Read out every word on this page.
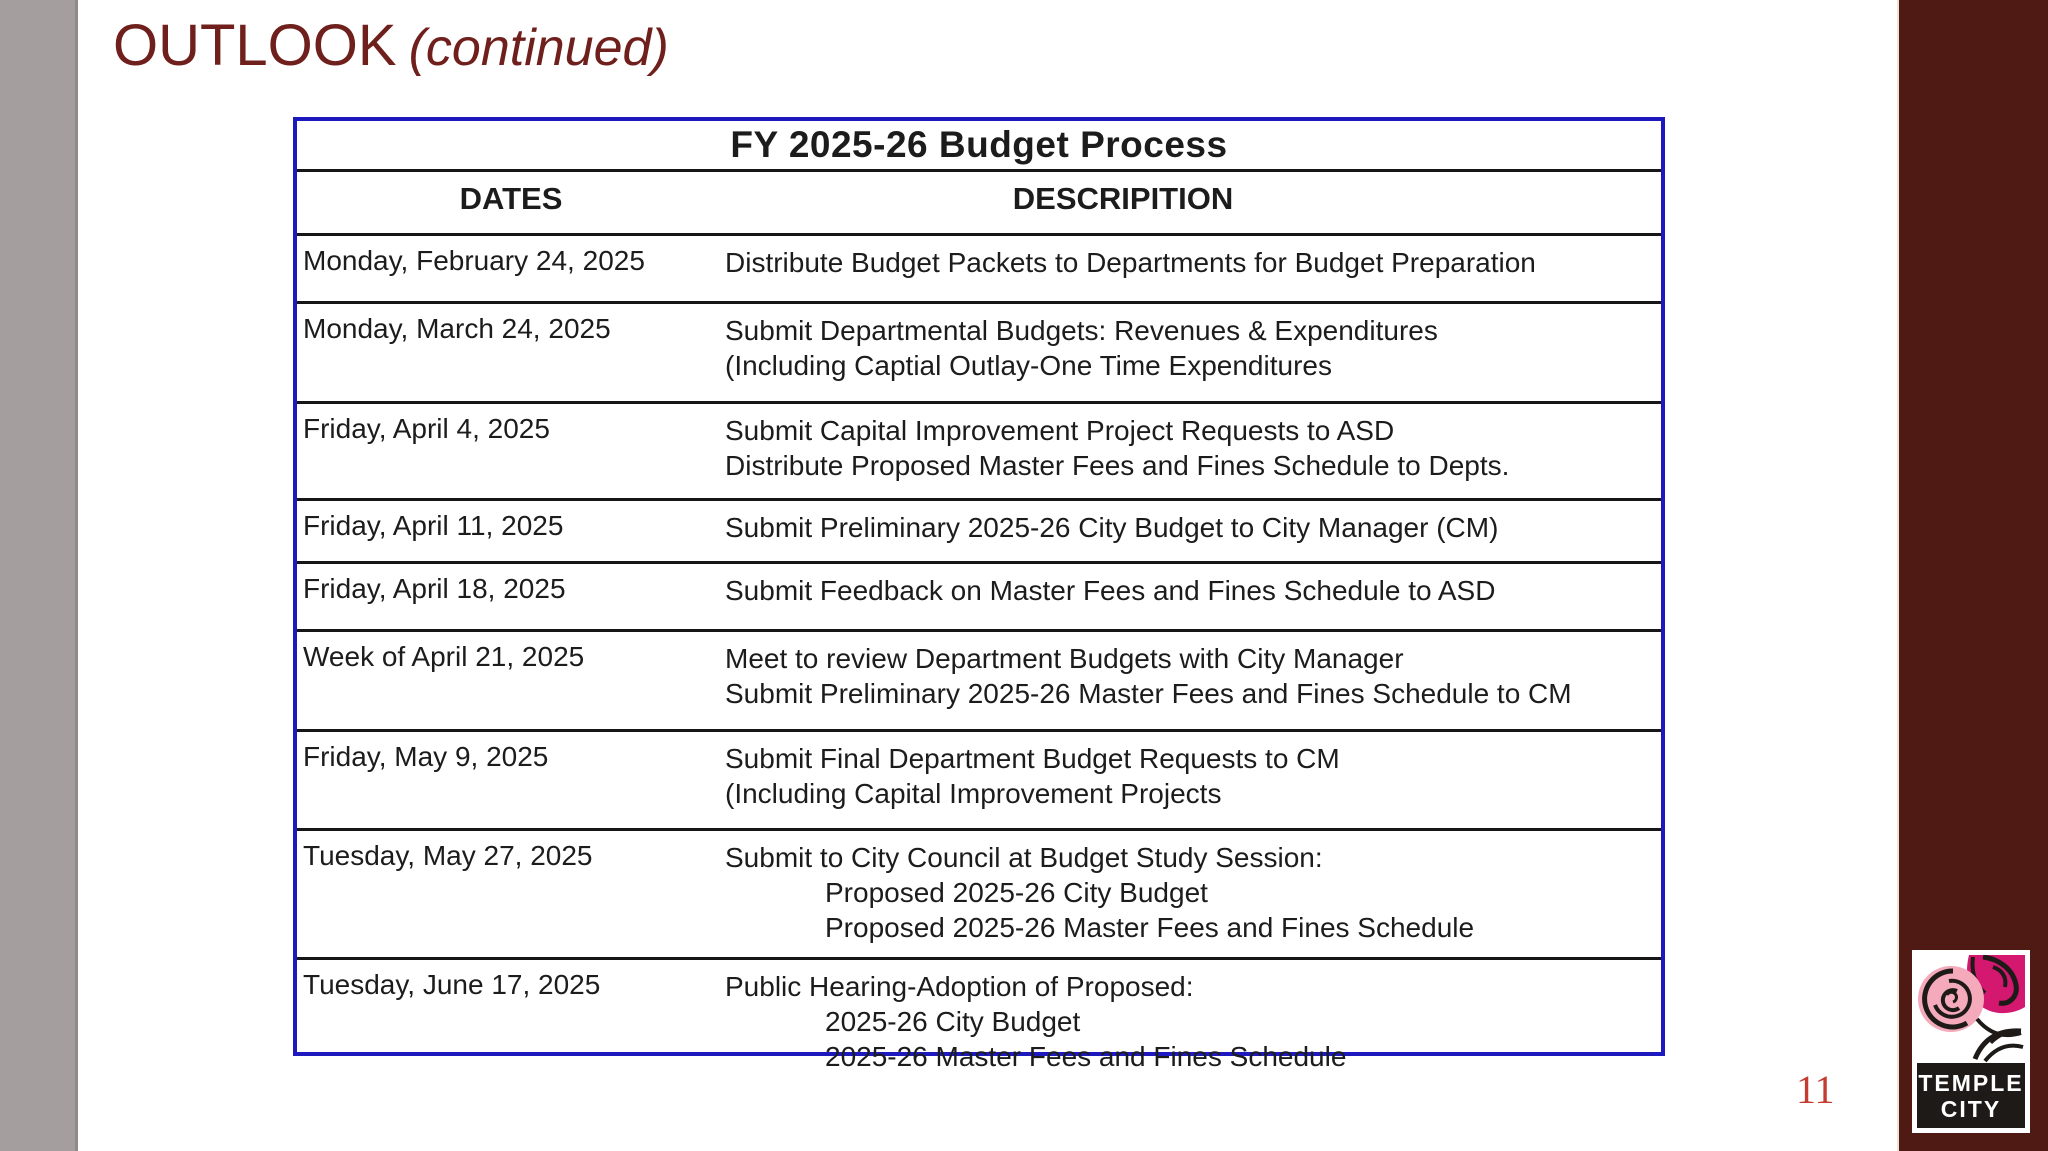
OUTLOOK (continued)
FY 2025-26 Budget Process
DATES	DESCRIPITION
Monday, February 24, 2025	Distribute Budget Packets to Departments for Budget Preparation
Monday, March 24, 2025	Submit Departmental Budgets: Revenues & Expenditures
(Including Captial Outlay-One Time Expenditures
Friday, April 4, 2025	Submit Capital Improvement Project Requests to ASD
Distribute Proposed Master Fees and Fines Schedule to Depts.
Friday, April 11, 2025	Submit Preliminary 2025-26 City Budget to City Manager (CM)
Friday, April 18, 2025	Submit Feedback on Master Fees and Fines Schedule to ASD
Week of April 21, 2025	Meet to review Department Budgets with City Manager
Submit Preliminary 2025-26 Master Fees and Fines Schedule to CM
Friday, May 9, 2025	Submit Final Department Budget Requests to CM
(Including Capital Improvement Projects
Tuesday, May 27, 2025	Submit to City Council at Budget Study Session:
Proposed 2025-26 City Budget
Proposed 2025-26 Master Fees and Fines Schedule
Tuesday, June 17, 2025	Public Hearing-Adoption of Proposed:
2025-26 City Budget
2025-26 Master Fees and Fines Schedule
11	TEMPLE
CITY
